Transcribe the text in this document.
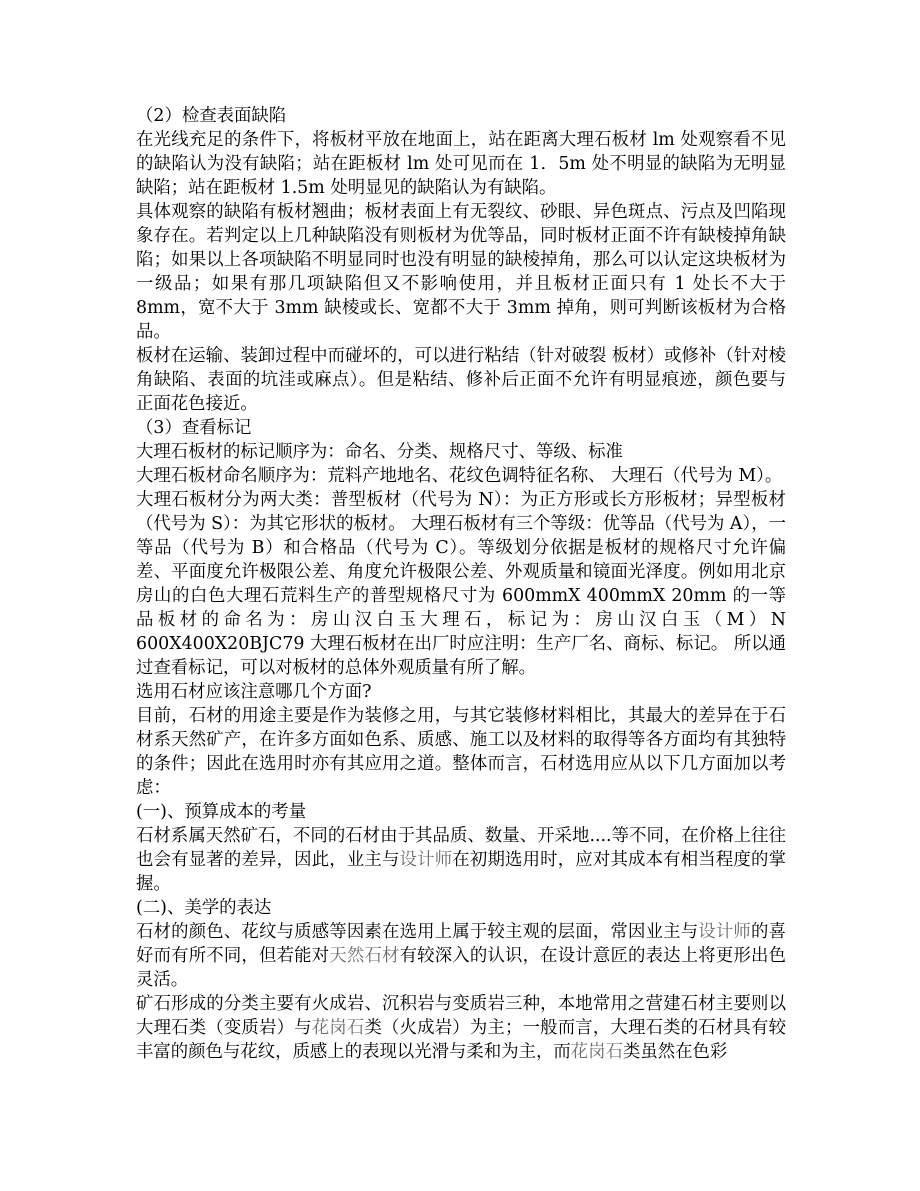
（2）检查表面缺陷

在光线充足的条件下，将板材平放在地面上，站在距离大理石板材 lm 处观察看不见的缺陷认为没有缺陷；站在距板材 lm 处可见而在 1．5m 处不明显的缺陷为无明显缺陷；站在距板材 1.5m 处明显见的缺陷认为有缺陷。

具体观察的缺陷有板材翘曲；板材表面上有无裂纹、砂眼、异色斑点、污点及凹陷现象存在。若判定以上几种缺陷没有则板材为优等品，同时板材正面不许有缺棱掉角缺陷；如果以上各项缺陷不明显同时也没有明显的缺棱掉角，那么可以认定这块板材为一级品；如果有那几项缺陷但又不影响使用，并且板材正面只有 1 处长不大于 8mm，宽不大于 3mm 缺棱或长、宽都不大于 3mm 掉角，则可判断该板材为合格品。

板材在运输、装卸过程中而碰坏的，可以进行粘结（针对破裂 板材）或修补（针对棱角缺陷、表面的坑洼或麻点）。但是粘结、修补后正面不允许有明显痕迹，颜色要与正面花色接近。

（3）查看标记

大理石板材的标记顺序为：命名、分类、规格尺寸、等级、标准

大理石板材命名顺序为：荒料产地地名、花纹色调特征名称、 大理石（代号为 M）。

大理石板材分为两大类：普型板材（代号为 N）：为正方形或长方形板材；异型板材（代号为 S）：为其它形状的板材。 大理石板材有三个等级：优等品（代号为 A），一等品（代号为 B）和合格品（代号为 C）。等级划分依据是板材的规格尺寸允许偏差、平面度允许极限公差、角度允许极限公差、外观质量和镜面光泽度。例如用北京房山的白色大理石荒料生产的普型规格尺寸为 600mmX 400mmX 20mm 的一等品板材的命名为：房山汉白玉大理石，标记为：房山汉白玉（M）N 600X400X20BJC79 大理石板材在出厂时应注明：生产厂名、商标、标记。 所以通过查看标记，可以对板材的总体外观质量有所了解。

选用石材应该注意哪几个方面?

目前，石材的用途主要是作为装修之用，与其它装修材料相比，其最大的差异在于石材系天然矿产，在许多方面如色系、质感、施工以及材料的取得等各方面均有其独特的条件；因此在选用时亦有其应用之道。整体而言，石材选用应从以下几方面加以考虑：

(一)、预算成本的考量

石材系属天然矿石，不同的石材由于其品质、数量、开采地....等不同，在价格上往往也会有显著的差异，因此，业主与设计师在初期选用时，应对其成本有相当程度的掌握。

(二)、美学的表达

石材的颜色、花纹与质感等因素在选用上属于较主观的层面，常因业主与设计师的喜好而有所不同，但若能对天然石材有较深入的认识，在设计意匠的表达上将更形出色灵活。

矿石形成的分类主要有火成岩、沉积岩与变质岩三种，本地常用之营建石材主要则以大理石类（变质岩）与花岗石类（火成岩）为主；一般而言，大理石类的石材具有较丰富的颜色与花纹，质感上的表现以光滑与柔和为主，而花岗石类虽然在色彩
